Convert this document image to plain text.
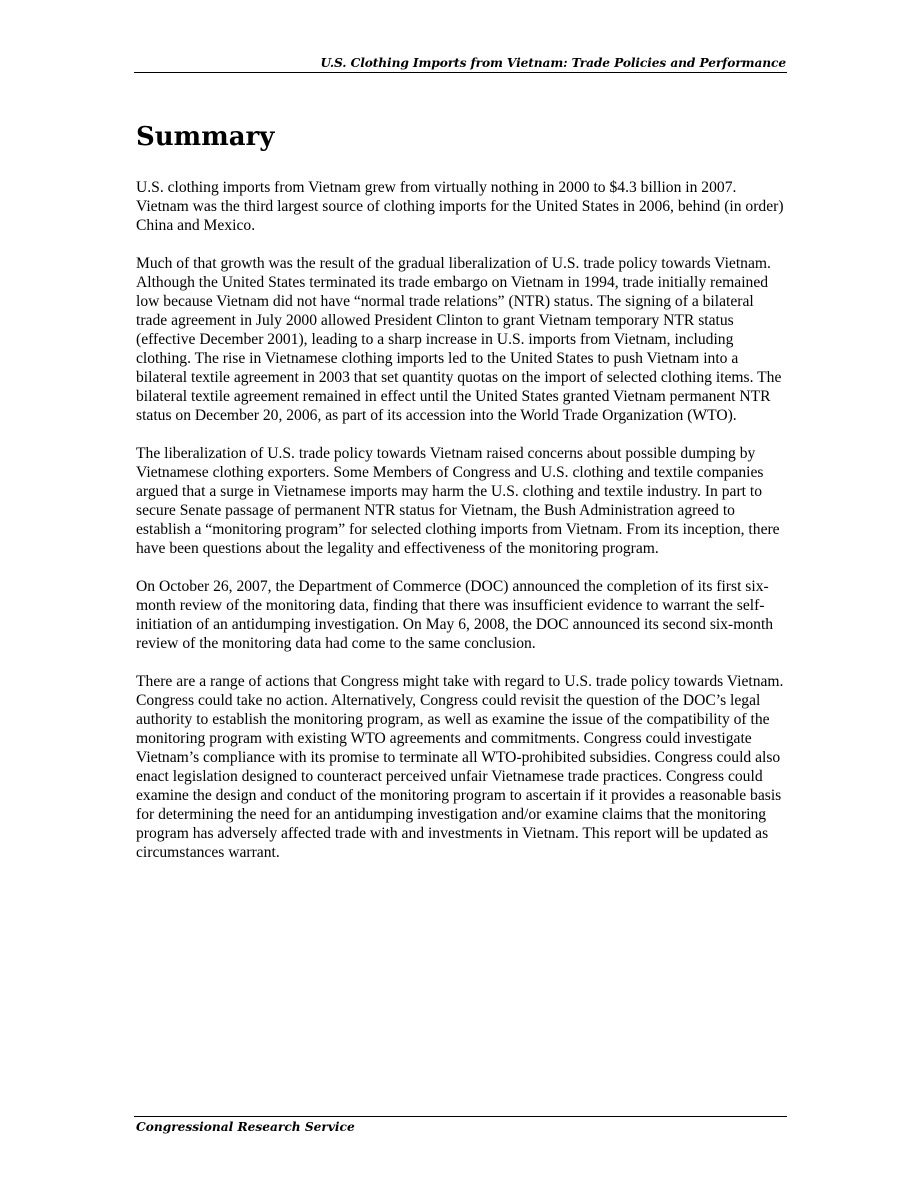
U.S. Clothing Imports from Vietnam: Trade Policies and Performance
Summary

U.S. clothing imports from Vietnam grew from virtually nothing in 2000 to $4.3 billion in 2007. Vietnam was the third largest source of clothing imports for the United States in 2006, behind (in order) China and Mexico.

Much of that growth was the result of the gradual liberalization of U.S. trade policy towards Vietnam. Although the United States terminated its trade embargo on Vietnam in 1994, trade initially remained low because Vietnam did not have “normal trade relations” (NTR) status. The signing of a bilateral trade agreement in July 2000 allowed President Clinton to grant Vietnam temporary NTR status (effective December 2001), leading to a sharp increase in U.S. imports from Vietnam, including clothing. The rise in Vietnamese clothing imports led to the United States to push Vietnam into a bilateral textile agreement in 2003 that set quantity quotas on the import of selected clothing items. The bilateral textile agreement remained in effect until the United States granted Vietnam permanent NTR status on December 20, 2006, as part of its accession into the World Trade Organization (WTO).

The liberalization of U.S. trade policy towards Vietnam raised concerns about possible dumping by Vietnamese clothing exporters. Some Members of Congress and U.S. clothing and textile companies argued that a surge in Vietnamese imports may harm the U.S. clothing and textile industry. In part to secure Senate passage of permanent NTR status for Vietnam, the Bush Administration agreed to establish a “monitoring program” for selected clothing imports from Vietnam. From its inception, there have been questions about the legality and effectiveness of the monitoring program.

On October 26, 2007, the Department of Commerce (DOC) announced the completion of its first six-month review of the monitoring data, finding that there was insufficient evidence to warrant the self-initiation of an antidumping investigation. On May 6, 2008, the DOC announced its second six-month review of the monitoring data had come to the same conclusion.

There are a range of actions that Congress might take with regard to U.S. trade policy towards Vietnam. Congress could take no action. Alternatively, Congress could revisit the question of the DOC’s legal authority to establish the monitoring program, as well as examine the issue of the compatibility of the monitoring program with existing WTO agreements and commitments. Congress could investigate Vietnam’s compliance with its promise to terminate all WTO-prohibited subsidies. Congress could also enact legislation designed to counteract perceived unfair Vietnamese trade practices. Congress could examine the design and conduct of the monitoring program to ascertain if it provides a reasonable basis for determining the need for an antidumping investigation and/or examine claims that the monitoring program has adversely affected trade with and investments in Vietnam. This report will be updated as circumstances warrant.

Congressional Research Service
